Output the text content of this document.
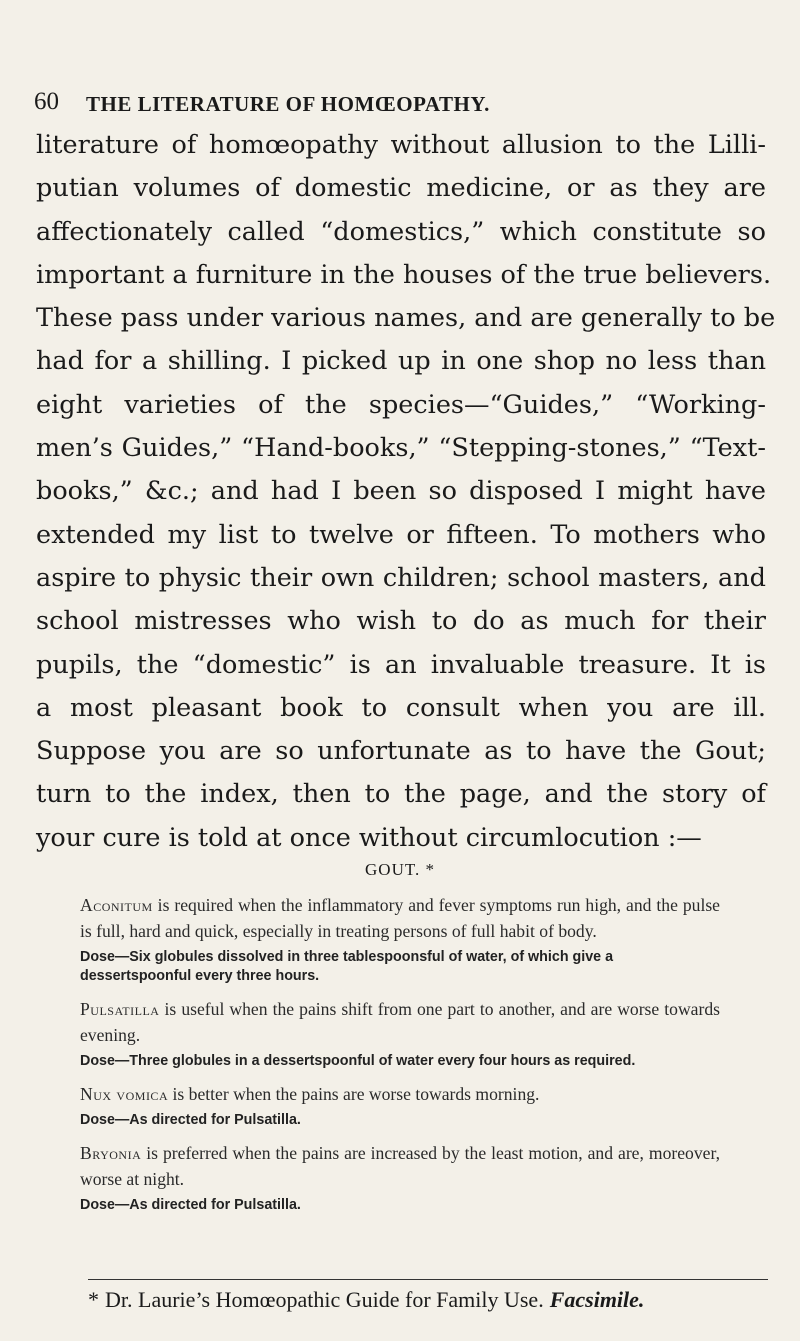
60 THE LITERATURE OF HOMŒOPATHY.
literature of homœopathy without allusion to the Lilli-
putian volumes of domestic medicine, or as they are
affectionately called “domestics,” which constitute so
important a furniture in the houses of the true believers.
These pass under various names, and are generally to be
had for a shilling. I picked up in one shop no less than
eight varieties of the species—“Guides,” “Working-
men’s Guides,” “Hand-books,” “Stepping-stones,” “Text-
books,” &c.; and had I been so disposed I might have
extended my list to twelve or fifteen. To mothers who
aspire to physic their own children; school masters, and
school mistresses who wish to do as much for their
pupils, the “domestic” is an invaluable treasure. It is
a most pleasant book to consult when you are ill.
Suppose you are so unfortunate as to have the Gout;
turn to the index, then to the page, and the story of
your cure is told at once without circumlocution :—
GOUT. *

Aconitum is required when the inflammatory and fever symptoms run high, and the pulse is full, hard and quick, especially in treating persons of full habit of body.

Dose—Six globules dissolved in three tablespoonsful of water, of which give a dessertspoonful every three hours.

Pulsatilla is useful when the pains shift from one part to another, and are worse towards evening.

Dose—Three globules in a dessertspoonful of water every four hours as required.

Nux vomica is better when the pains are worse towards morning.

Dose—As directed for Pulsatilla.

Bryonia is preferred when the pains are increased by the least motion, and are, moreover, worse at night.

Dose—As directed for Pulsatilla.

* Dr. Laurie’s Homœopathic Guide for Family Use. Facsimile.
